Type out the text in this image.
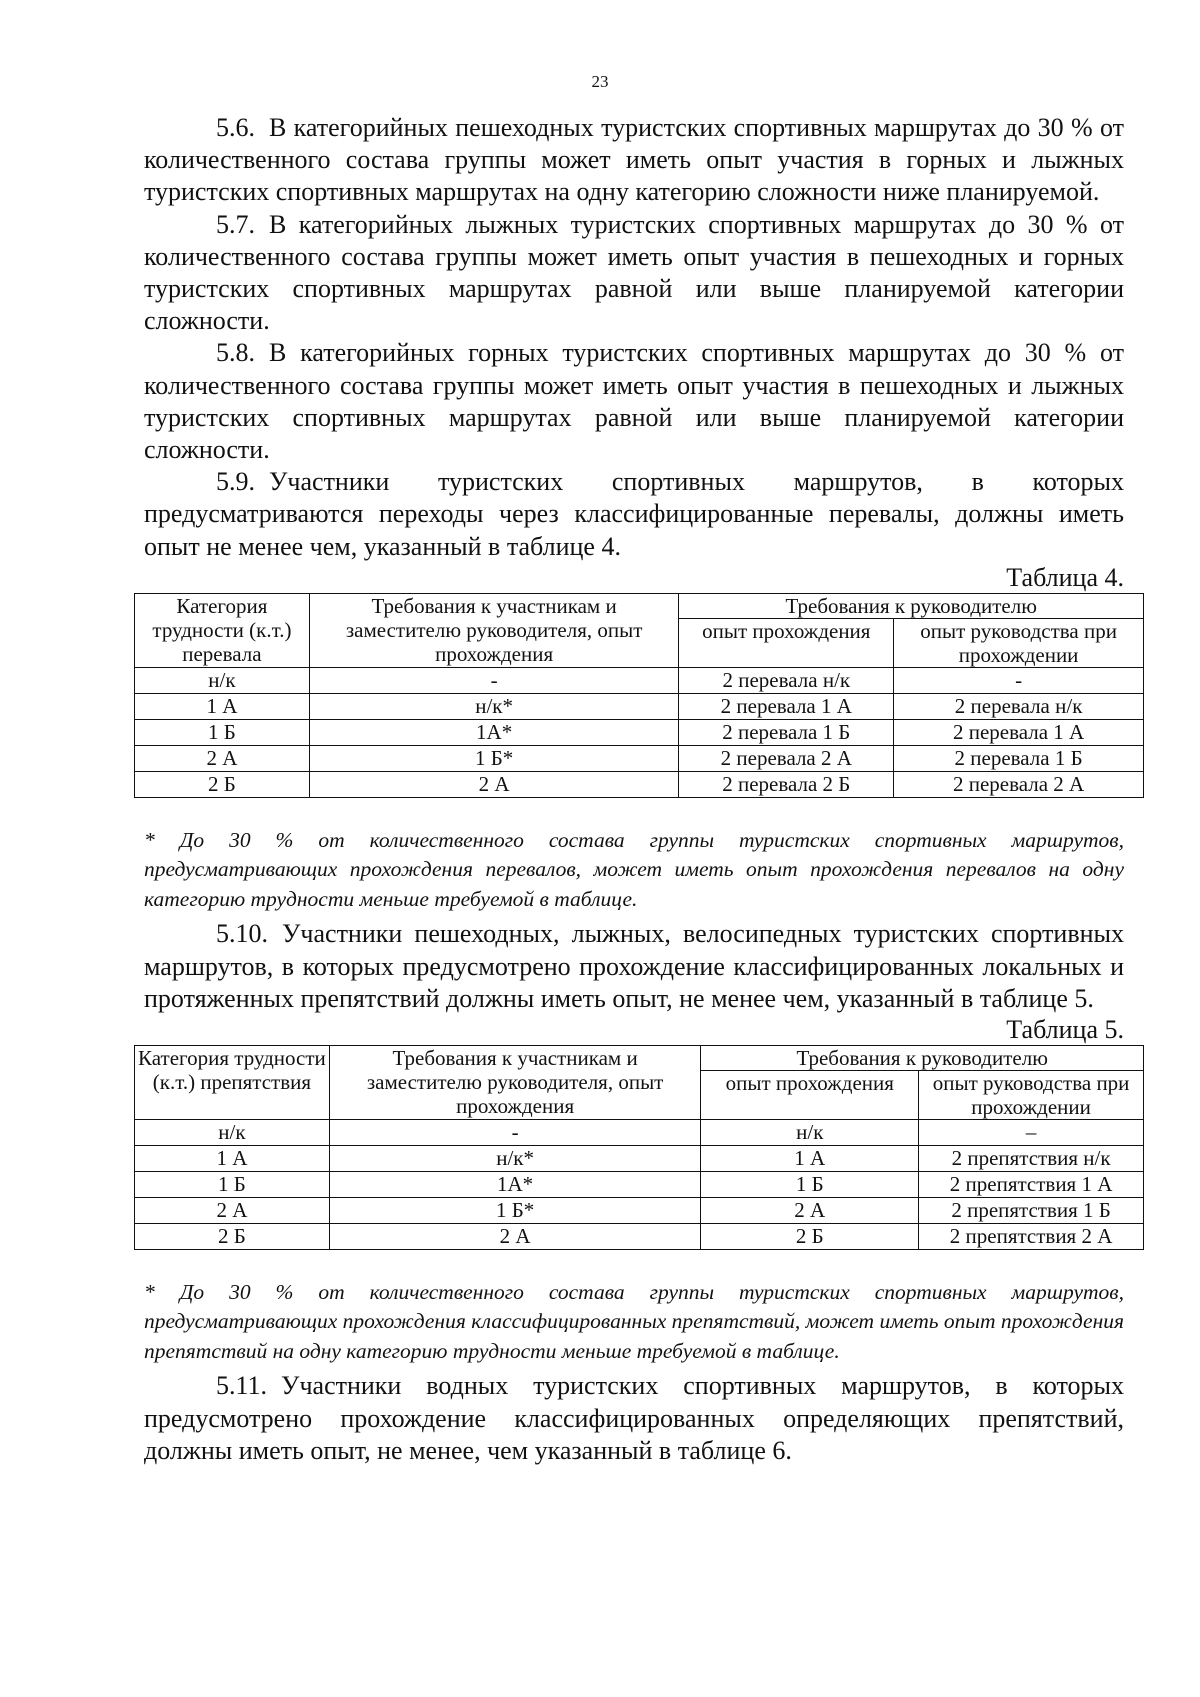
23

5.6. В категорийных пешеходных туристских спортивных маршрутах до 30 % от количественного состава группы может иметь опыт участия в горных и лыжных туристских спортивных маршрутах на одну категорию сложности ниже планируемой.

5.7. В категорийных лыжных туристских спортивных маршрутах до 30 % от количественного состава группы может иметь опыт участия в пешеходных и горных туристских спортивных маршрутах равной или выше планируемой категории сложности.

5.8. В категорийных горных туристских спортивных маршрутах до 30 % от количественного состава группы может иметь опыт участия в пешеходных и лыжных туристских спортивных маршрутах равной или выше планируемой категории сложности.

5.9. Участники туристских спортивных маршрутов, в которых предусматриваются переходы через классифицированные перевалы, должны иметь опыт не менее чем, указанный в таблице 4.

Таблица 4.

Категория трудности (к.т.) перевала	Требования к участникам и заместителю руководителя, опыт прохождения	Требования к руководителю	
		опыт прохождения	опыт руководства при прохождении
н/к	-	2 перевала н/к	-
1 А	н/к*	2 перевала 1 А	2 перевала н/к
1 Б	1А*	2 перевала 1 Б	2 перевала 1 А
2 А	1 Б*	2 перевала 2 А	2 перевала 1 Б
2 Б	2 А	2 перевала 2 Б	2 перевала 2 А

* До 30 % от количественного состава группы туристских спортивных маршрутов, предусматривающих прохождения перевалов, может иметь опыт прохождения перевалов на одну категорию трудности меньше требуемой в таблице.

5.10. Участники пешеходных, лыжных, велосипедных туристских спортивных маршрутов, в которых предусмотрено прохождение классифицированных локальных и протяженных препятствий должны иметь опыт, не менее чем, указанный в таблице 5.

Таблица 5.

Категория трудности (к.т.) препятствия	Требования к участникам и заместителю руководителя, опыт прохождения	Требования к руководителю	
		опыт прохождения	опыт руководства при прохождении
н/к	-	н/к	–
1 А	н/к*	1 А	2 препятствия н/к
1 Б	1А*	1 Б	2 препятствия 1 А
2 А	1 Б*	2 А	2 препятствия 1 Б
2 Б	2 А	2 Б	2 препятствия 2 А

* До 30 % от количественного состава группы туристских спортивных маршрутов, предусматривающих прохождения классифицированных препятствий, может иметь опыт прохождения препятствий на одну категорию трудности меньше требуемой в таблице.

5.11. Участники водных туристских спортивных маршрутов, в которых предусмотрено прохождение классифицированных определяющих препятствий, должны иметь опыт, не менее, чем указанный в таблице 6.
